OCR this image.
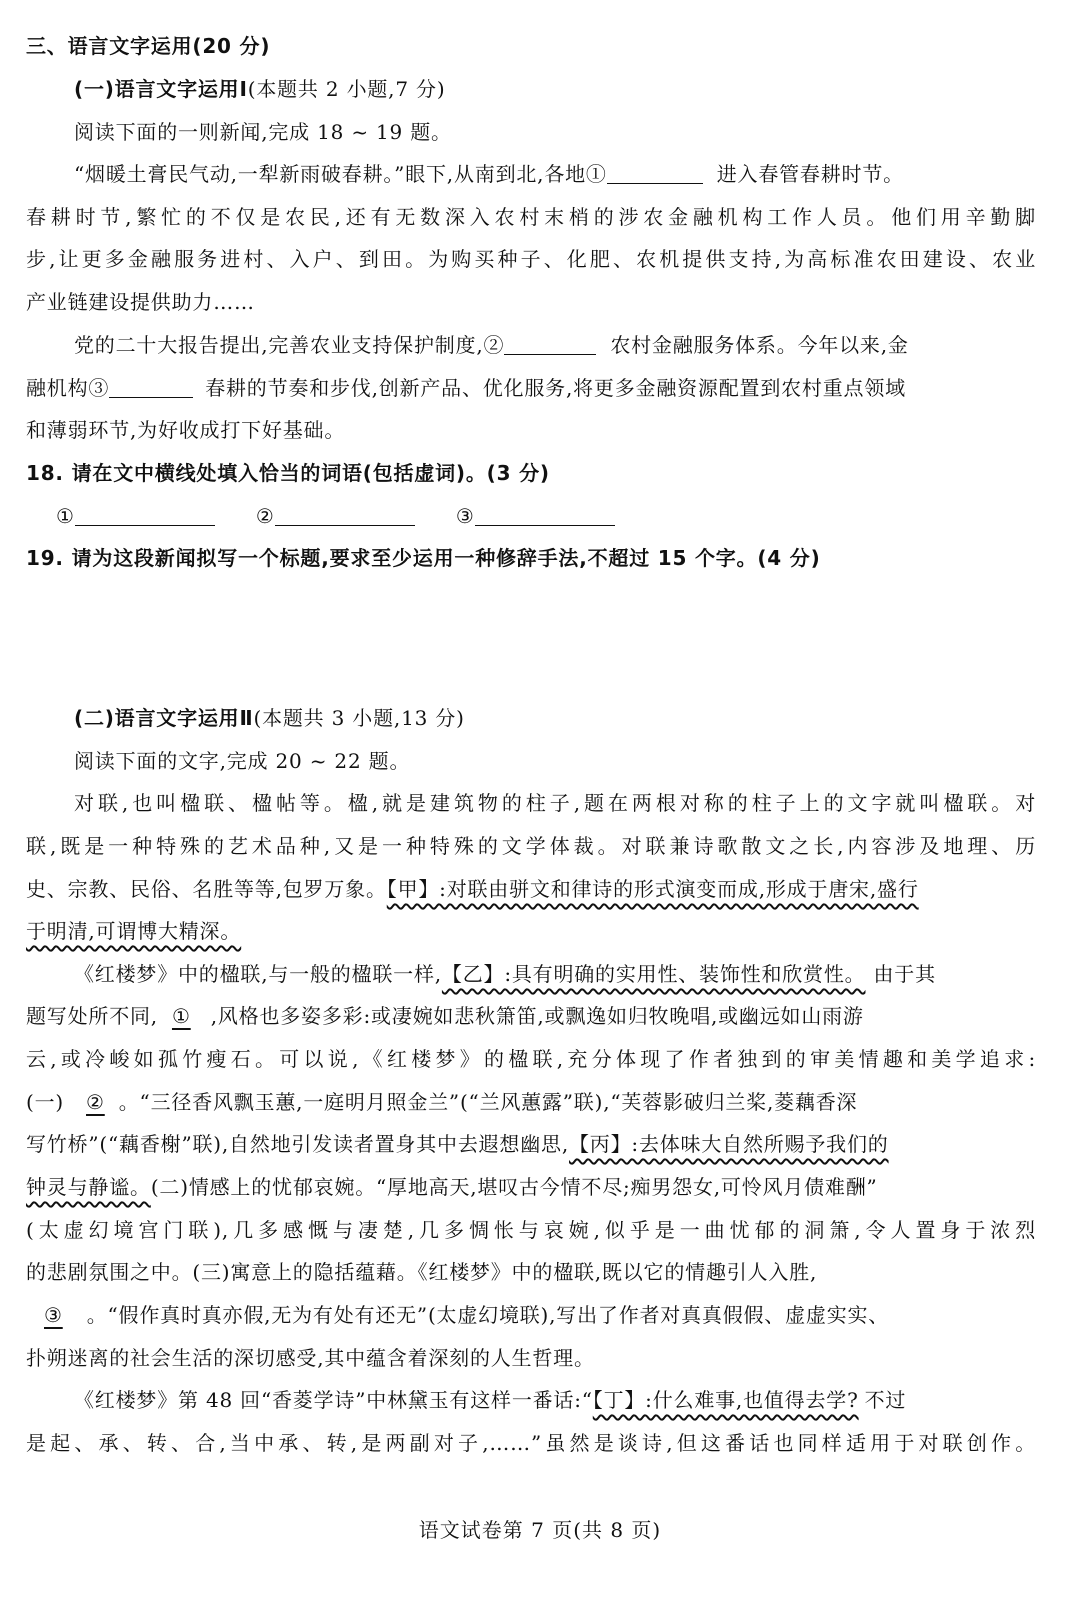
三、语言文字运用(20 分)
(一)语言文字运用Ⅰ(本题共 2 小题,7 分)
阅读下面的一则新闻,完成 18 ~ 19 题。
“烟暖土膏民气动,一犁新雨破春耕。”眼下,从南到北,各地①	进入春管春耕时节。
春耕时节,繁忙的不仅是农民,还有无数深入农村末梢的涉农金融机构工作人员。他们用辛勤脚
步,让更多金融服务进村、入户、到田。为购买种子、化肥、农机提供支持,为高标准农田建设、农业
产业链建设提供助力……
党的二十大报告提出,完善农业支持保护制度,②	农村金融服务体系。今年以来,金
融机构③	春耕的节奏和步伐,创新产品、优化服务,将更多金融资源配置到农村重点领域
和薄弱环节,为好收成打下好基础。
18. 请在文中横线处填入恰当的词语(包括虚词)。(3 分)
①	②	③
19. 请为这段新闻拟写一个标题,要求至少运用一种修辞手法,不超过 15 个字。(4 分)
(二)语言文字运用Ⅱ(本题共 3 小题,13 分)
阅读下面的文字,完成 20 ~ 22 题。
对联,也叫楹联、楹帖等。楹,就是建筑物的柱子,题在两根对称的柱子上的文字就叫楹联。对
联,既是一种特殊的艺术品种,又是一种特殊的文学体裁。对联兼诗歌散文之长,内容涉及地理、历
史、宗教、民俗、名胜等等,包罗万象。【甲】:对联由骈文和律诗的形式演变而成,形成于唐宋,盛行
于明清,可谓博大精深。
《红楼梦》中的楹联,与一般的楹联一样,【乙】:具有明确的实用性、装饰性和欣赏性。 由于其
题写处所不同, ① ,风格也多姿多彩:或凄婉如悲秋箫笛,或飘逸如归牧晚唱,或幽远如山雨游
云,或冷峻如孤竹瘦石。可以说,《红楼梦》的楹联,充分体现了作者独到的审美情趣和美学追求:
(一) ② 。“三径香风飘玉蕙,一庭明月照金兰”(“兰风蕙露”联),“芙蓉影破归兰桨,菱藕香深
写竹桥”(“藕香榭”联),自然地引发读者置身其中去遐想幽思,【丙】:去体味大自然所赐予我们的
钟灵与静谧。(二)情感上的忧郁哀婉。“厚地高天,堪叹古今情不尽;痴男怨女,可怜风月债难酬”
(太虚幻境宫门联),几多感慨与凄楚,几多惆怅与哀婉,似乎是一曲忧郁的洞箫,令人置身于浓烈
的悲剧氛围之中。(三)寓意上的隐括蕴藉。《红楼梦》中的楹联,既以它的情趣引人入胜,
③ 。“假作真时真亦假,无为有处有还无”(太虚幻境联),写出了作者对真真假假、虚虚实实、
扑朔迷离的社会生活的深切感受,其中蕴含着深刻的人生哲理。
《红楼梦》第 48 回“香菱学诗”中林黛玉有这样一番话:“【丁】:什么难事,也值得去学? 不过
是起、承、转、合,当中承、转,是两副对子,……”虽然是谈诗,但这番话也同样适用于对联创作。
语文试卷第 7 页(共 8 页)
